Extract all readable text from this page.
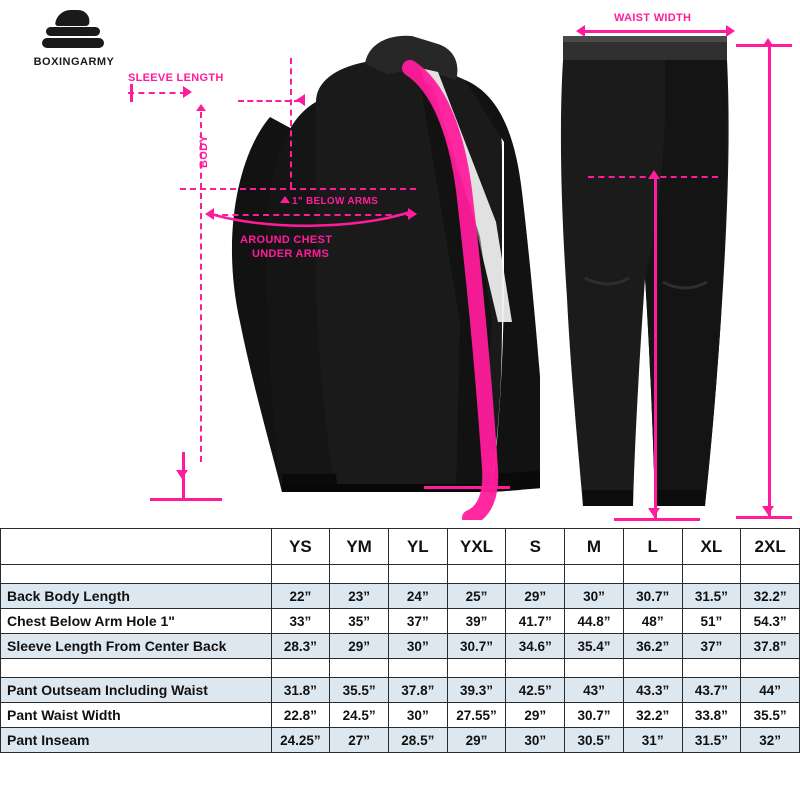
BOXINGARMY
SLEEVE LENGTH
BODY
1" BELOW ARMS
AROUND CHEST
UNDER ARMS
WAIST WIDTH
	YS	YM	YL	YXL	S	M	L	XL	2XL

Back Body Length	22”	23”	24”	25”	29”	30”	30.7”	31.5”	32.2”
Chest Below Arm Hole 1"	33”	35”	37”	39”	41.7”	44.8”	48”	51”	54.3”
Sleeve Length From Center Back	28.3”	29”	30”	30.7”	34.6”	35.4”	36.2”	37”	37.8”

Pant Outseam Including Waist	31.8”	35.5”	37.8”	39.3”	42.5”	43”	43.3”	43.7”	44”
Pant Waist Width	22.8”	24.5”	30”	27.55”	29”	30.7”	32.2”	33.8”	35.5”
Pant Inseam	24.25”	27”	28.5”	29”	30”	30.5”	31”	31.5”	32”
